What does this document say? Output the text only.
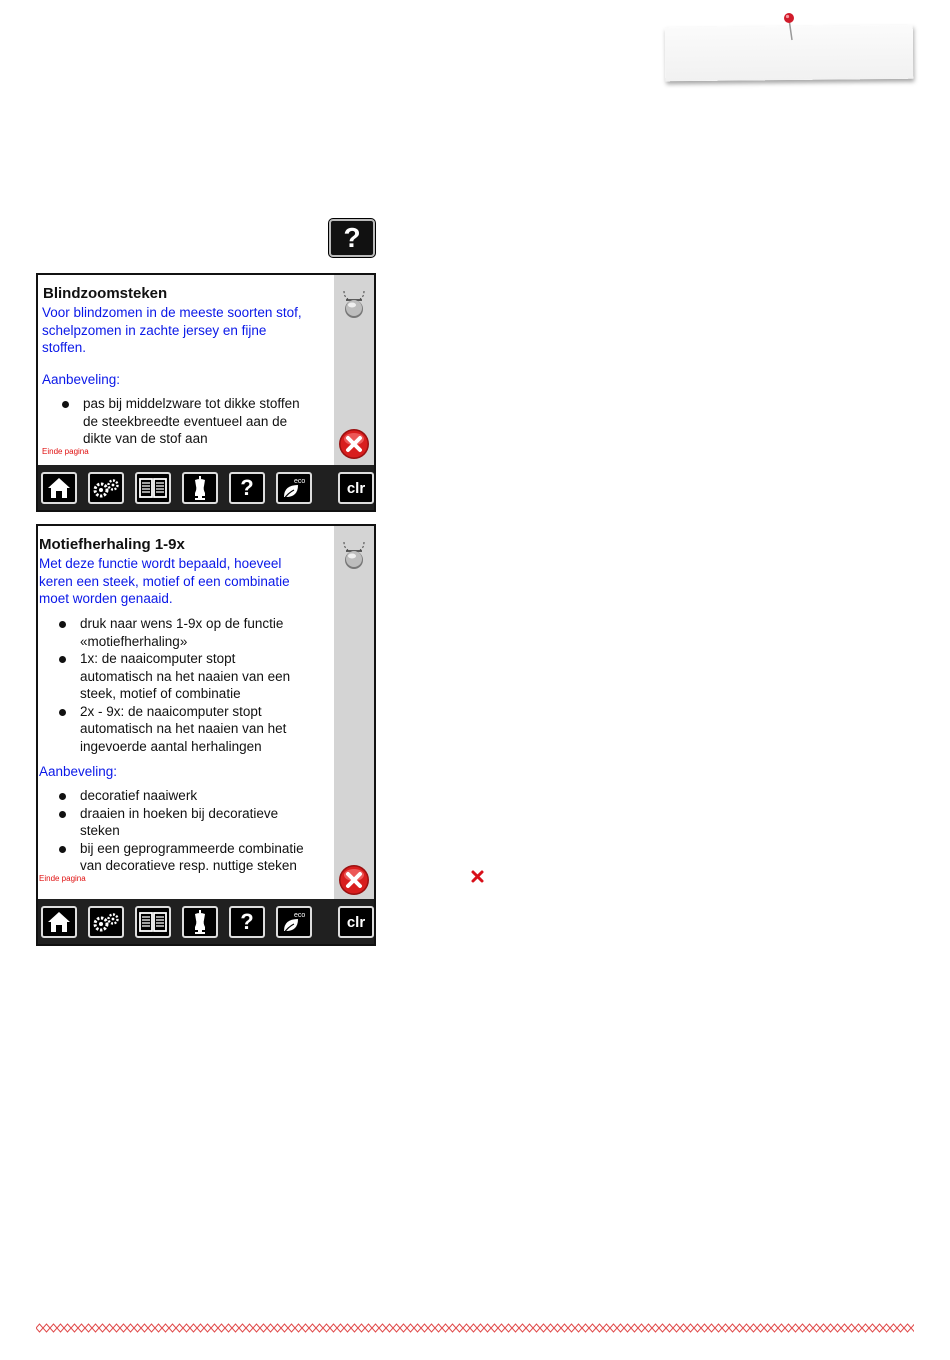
?
Blindzoomsteken
Voor blindzomen in de meeste soorten stof,
schelpzomen in zachte jersey en fijne
stoffen.
Aanbeveling:
pas bij middelzware tot dikke stoffen
de steekbreedte eventueel aan de
dikte van de stof aan
Einde pagina
?	eco	clr
Motiefherhaling 1-9x
Met deze functie wordt bepaald, hoeveel
keren een steek, motief of een combinatie
moet worden genaaid.
druk naar wens 1-9x op de functie
«motiefherhaling»
1x: de naaicomputer stopt
automatisch na het naaien van een
steek, motief of combinatie
2x - 9x: de naaicomputer stopt
automatisch na het naaien van het
ingevoerde aantal herhalingen
Aanbeveling:
decoratief naaiwerk
draaien in hoeken bij decoratieve
steken
bij een geprogrammeerde combinatie
van decoratieve resp. nuttige steken
Einde pagina
?	eco	clr
